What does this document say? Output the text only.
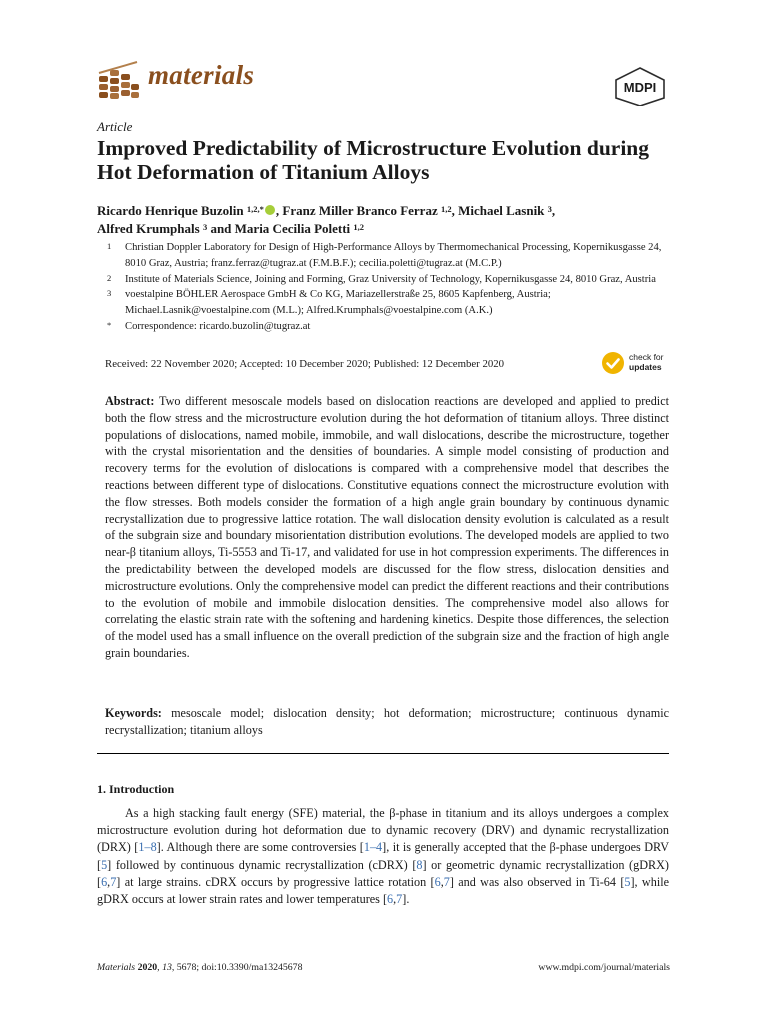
materials	MDPI
Article
Improved Predictability of Microstructure Evolution during Hot Deformation of Titanium Alloys
Ricardo Henrique Buzolin $^{1,2,*}$ , Franz Miller Branco Ferraz $^{1,2}$, Michael Lasnik $^3$,
Alfred Krumphals $^3$ and Maria Cecilia Poletti $^{1,2}$
1	Christian Doppler Laboratory for Design of High-Performance Alloys by Thermomechanical Processing, Kopernikusgasse 24, 8010 Graz, Austria; franz.ferraz@tugraz.at (F.M.B.F.); cecilia.poletti@tugraz.at (M.C.P.)
2	Institute of Materials Science, Joining and Forming, Graz University of Technology, Kopernikusgasse 24, 8010 Graz, Austria
3	voestalpine BÖHLER Aerospace GmbH & Co KG, Mariazellerstraße 25, 8605 Kapfenberg, Austria; Michael.Lasnik@voestalpine.com (M.L.); Alfred.Krumphals@voestalpine.com (A.K.)
*	Correspondence: ricardo.buzolin@tugraz.at
Received: 22 November 2020; Accepted: 10 December 2020; Published: 12 December 2020
check for
updates
Abstract: Two different mesoscale models based on dislocation reactions are developed and applied to predict both the flow stress and the microstructure evolution during the hot deformation of titanium alloys. Three distinct populations of dislocations, named mobile, immobile, and wall dislocations, describe the microstructure, together with the crystal misorientation and the densities of boundaries. A simple model consisting of production and recovery terms for the evolution of dislocations is compared with a comprehensive model that describes the reactions between different type of dislocations. Constitutive equations connect the microstructure evolution with the flow stresses. Both models consider the formation of a high angle grain boundary by continuous dynamic recrystallization due to progressive lattice rotation. The wall dislocation density evolution is calculated as a result of the subgrain size and boundary misorientation distribution evolutions. The developed models are applied to two near-β titanium alloys, Ti-5553 and Ti-17, and validated for use in hot compression experiments. The differences in the predictability between the developed models are discussed for the flow stress, dislocation densities and microstructure evolutions. Only the comprehensive model can predict the different reactions and their contributions to the evolution of mobile and immobile dislocation densities. The comprehensive model also allows for correlating the elastic strain rate with the softening and hardening kinetics. Despite those differences, the selection of the model used has a small influence on the overall prediction of the subgrain size and the fraction of high angle grain boundaries.
Keywords: mesoscale model; dislocation density; hot deformation; microstructure; continuous dynamic recrystallization; titanium alloys
1. Introduction
As a high stacking fault energy (SFE) material, the β-phase in titanium and its alloys undergoes a complex microstructure evolution during hot deformation due to dynamic recovery (DRV) and dynamic recrystallization (DRX) [1–8]. Although there are some controversies [1–4], it is generally accepted that the β-phase undergoes DRV [5] followed by continuous dynamic recrystallization (cDRX) [8] or geometric dynamic recrystallization (gDRX) [6,7] at large strains. cDRX occurs by progressive lattice rotation [6,7] and was also observed in Ti-64 [5], while gDRX occurs at lower strain rates and lower temperatures [6,7].
Materials 2020, 13, 5678; doi:10.3390/ma13245678	www.mdpi.com/journal/materials
